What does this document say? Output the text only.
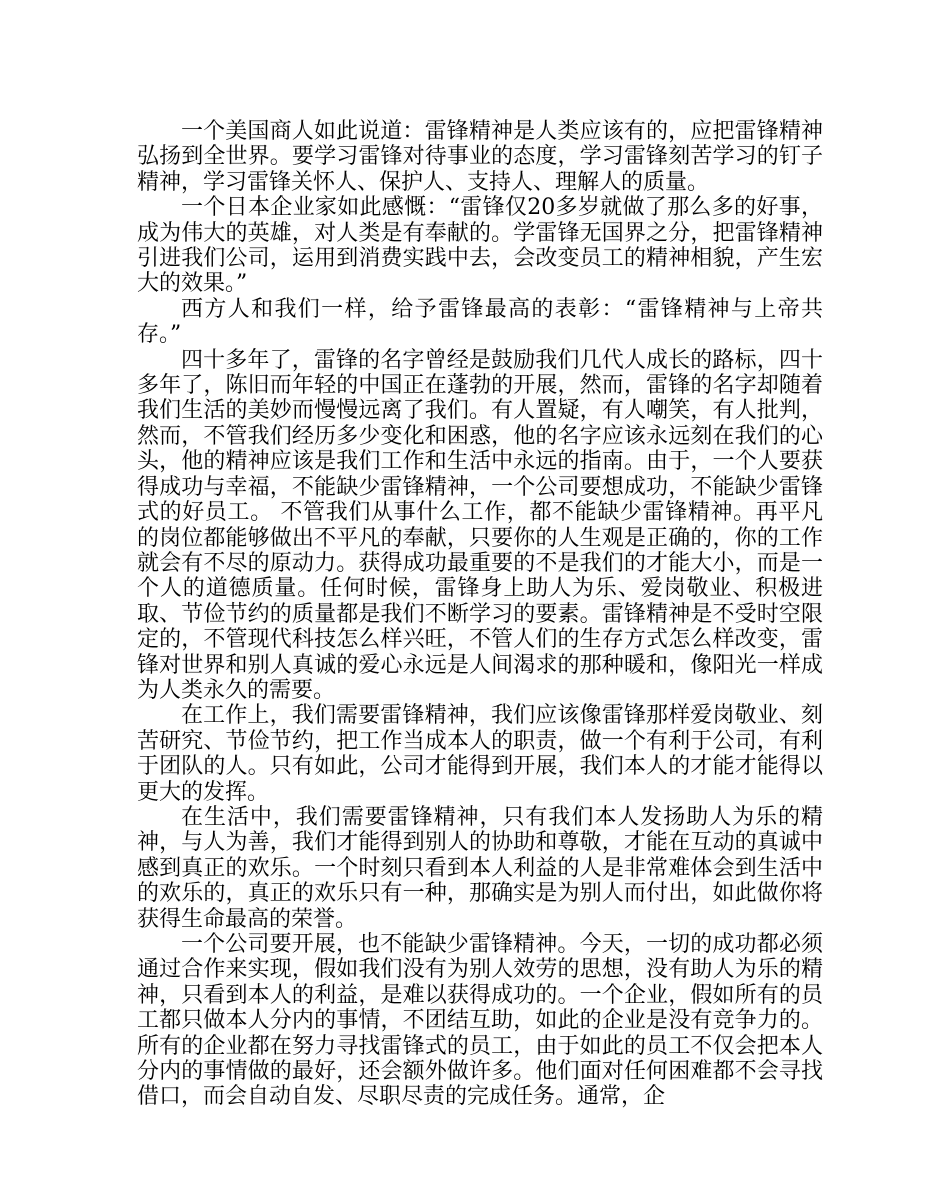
一个美国商人如此说道：雷锋精神是人类应该有的，应把雷锋精神弘扬到全世界。要学习雷锋对待事业的态度，学习雷锋刻苦学习的钉子精神，学习雷锋关怀人、保护人、支持人、理解人的质量。

一个日本企业家如此感慨：“雷锋仅20多岁就做了那么多的好事，成为伟大的英雄，对人类是有奉献的。学雷锋无国界之分，把雷锋精神引进我们公司，运用到消费实践中去，会改变员工的精神相貌，产生宏大的效果。”

西方人和我们一样，给予雷锋最高的表彰：“雷锋精神与上帝共存。”

四十多年了，雷锋的名字曾经是鼓励我们几代人成长的路标，四十多年了，陈旧而年轻的中国正在蓬勃的开展，然而，雷锋的名字却随着我们生活的美妙而慢慢远离了我们。有人置疑，有人嘲笑，有人批判，然而，不管我们经历多少变化和困惑，他的名字应该永远刻在我们的心头，他的精神应该是我们工作和生活中永远的指南。由于，一个人要获得成功与幸福，不能缺少雷锋精神，一个公司要想成功，不能缺少雷锋式的好员工。 不管我们从事什么工作，都不能缺少雷锋精神。再平凡的岗位都能够做出不平凡的奉献，只要你的人生观是正确的，你的工作就会有不尽的原动力。获得成功最重要的不是我们的才能大小，而是一个人的道德质量。任何时候，雷锋身上助人为乐、爱岗敬业、积极进取、节俭节约的质量都是我们不断学习的要素。雷锋精神是不受时空限定的，不管现代科技怎么样兴旺，不管人们的生存方式怎么样改变，雷锋对世界和别人真诚的爱心永远是人间渴求的那种暖和，像阳光一样成为人类永久的需要。

在工作上，我们需要雷锋精神，我们应该像雷锋那样爱岗敬业、刻苦研究、节俭节约，把工作当成本人的职责，做一个有利于公司，有利于团队的人。只有如此，公司才能得到开展，我们本人的才能才能得以更大的发挥。

在生活中，我们需要雷锋精神，只有我们本人发扬助人为乐的精神，与人为善，我们才能得到别人的协助和尊敬，才能在互动的真诚中感到真正的欢乐。一个时刻只看到本人利益的人是非常难体会到生活中的欢乐的，真正的欢乐只有一种，那确实是为别人而付出，如此做你将获得生命最高的荣誉。

一个公司要开展，也不能缺少雷锋精神。今天，一切的成功都必须通过合作来实现，假如我们没有为别人效劳的思想，没有助人为乐的精神，只看到本人的利益，是难以获得成功的。一个企业，假如所有的员工都只做本人分内的事情，不团结互助，如此的企业是没有竞争力的。所有的企业都在努力寻找雷锋式的员工，由于如此的员工不仅会把本人分内的事情做的最好，还会额外做许多。他们面对任何困难都不会寻找借口，而会自动自发、尽职尽责的完成任务。通常，企
